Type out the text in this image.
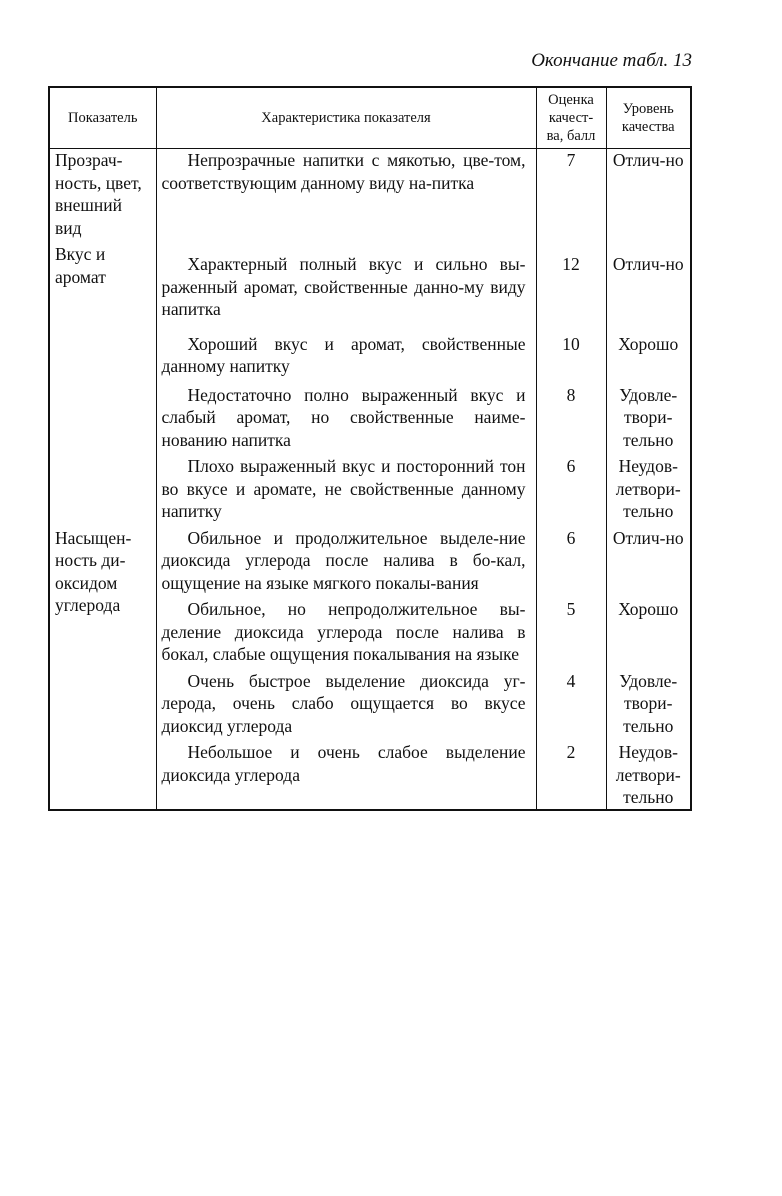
Окончание табл. 13
Показатель	Характеристика показателя	Оценка качест-ва, балл	Уровень качества
Прозрач-ность, цвет, внешний вид	Непрозрачные напитки с мякотью, цве-том, соответствующим данному виду на-питка	7	Отлич-но
Вкус и аромат	Характерный полный вкус и сильно вы-раженный аромат, свойственные данно-му виду напитка	12	Отлич-но

	Хороший вкус и аромат, свойственные данному напитку	10	Хорошо

	Недостаточно полно выраженный вкус и слабый аромат, но свойственные наиме-нованию напитка	8	Удовле-твори-тельно

	Плохо выраженный вкус и посторонний тон во вкусе и аромате, не свойственные данному напитку	6	Неудов-летвори-тельно
Насыщен-ность ди-оксидом углерода	Обильное и продолжительное выделе-ние диоксида углерода после налива в бо-кал, ощущение на языке мягкого покалы-вания	6	Отлич-но

	Обильное, но непродолжительное вы-деление диоксида углерода после налива в бокал, слабые ощущения покалывания на языке	5	Хорошо

	Очень быстрое выделение диоксида уг-лерода, очень слабо ощущается во вкусе диоксид углерода	4	Удовле-твори-тельно

	Небольшое и очень слабое выделение диоксида углерода	2	Неудов-летвори-тельно
